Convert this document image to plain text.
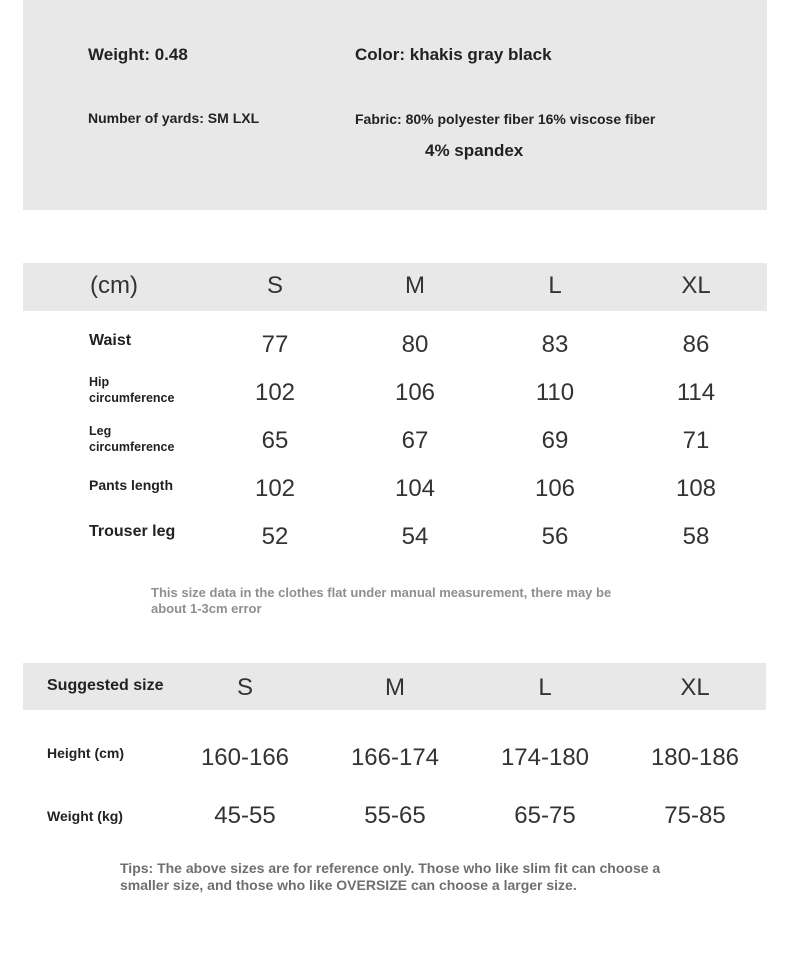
Weight: 0.48	Color: khakis gray black
Number of yards: SM LXL	Fabric: 80% polyester fiber 16% viscose fiber
4% spandex
(cm)	S	M	L	XL
Waist	77	80	83	86
Hip
circumference	102	106	110	114
Leg
circumference	65	67	69	71
Pants length	102	104	106	108
Trouser leg	52	54	56	58
This size data in the clothes flat under manual measurement, there may be
about 1-3cm error
Suggested size	S	M	L	XL
Height (cm)	160-166	166-174	174-180	180-186
Weight (kg)	45-55	55-65	65-75	75-85
Tips: The above sizes are for reference only. Those who like slim fit can choose a
smaller size, and those who like OVERSIZE can choose a larger size.
